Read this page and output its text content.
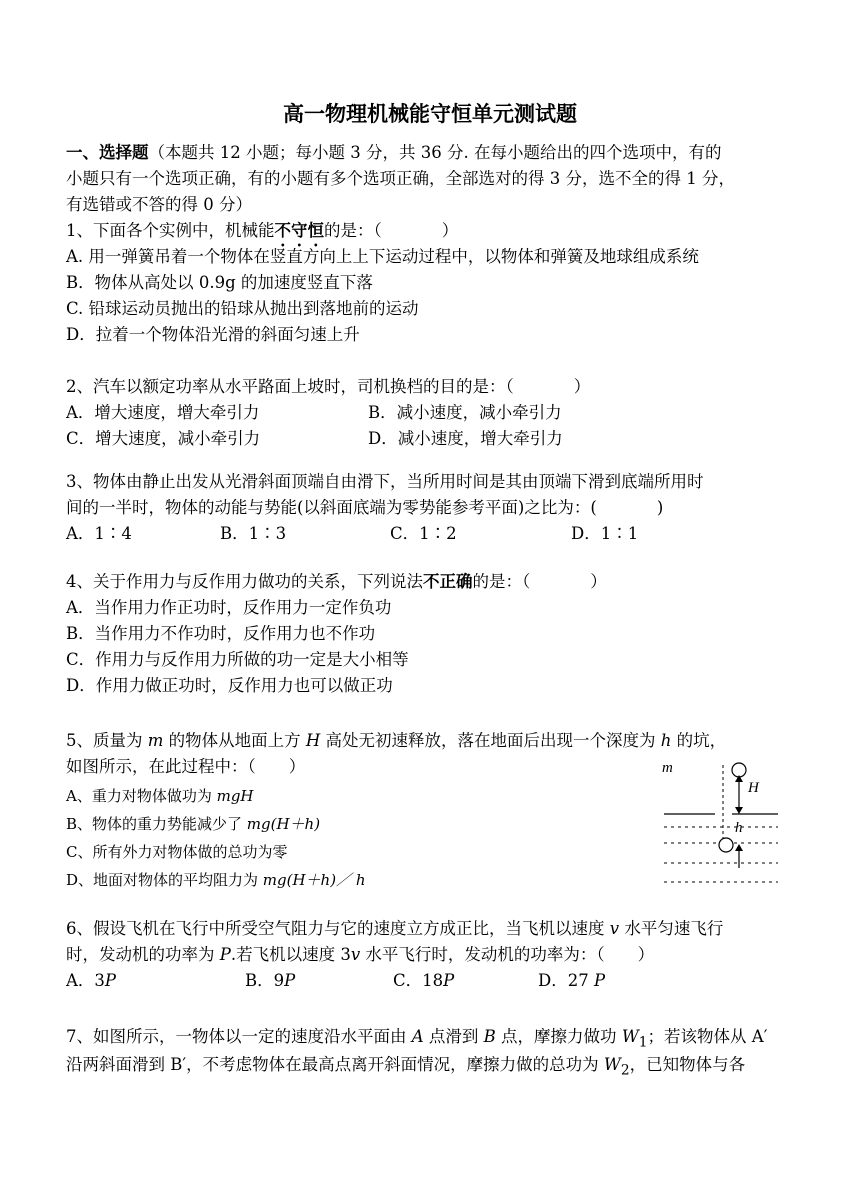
高一物理机械能守恒单元测试题
一、选择题（本题共 12 小题；每小题 3 分，共 36 分. 在每小题给出的四个选项中，有的
小题只有一个选项正确，有的小题有多个选项正确，全部选对的得 3 分，选不全的得 1 分，
有选错或不答的得 0 分）
1、下面各个实例中，机械能不守恒的是：（	）
A. 用一弹簧吊着一个物体在竖直方向上上下运动过程中，以物体和弹簧及地球组成系统
B．物体从高处以 0.9g 的加速度竖直下落
C. 铅球运动员抛出的铅球从抛出到落地前的运动
D．拉着一个物体沿光滑的斜面匀速上升
2、汽车以额定功率从水平路面上坡时，司机换档的目的是：（	）
A．增大速度，增大牵引力	B．减小速度，减小牵引力
C．增大速度，减小牵引力	D．减小速度，增大牵引力
3、物体由静止出发从光滑斜面顶端自由滑下，当所用时间是其由顶端下滑到底端所用时
间的一半时，物体的动能与势能(以斜面底端为零势能参考平面)之比为：(	)
A．1∶4	B．1∶3	C．1∶2	D．1∶1
4、关于作用力与反作用力做功的关系，下列说法不正确的是：（	）
A．当作用力作正功时，反作用力一定作负功
B．当作用力不作功时，反作用力也不作功
C．作用力与反作用力所做的功一定是大小相等
D．作用力做正功时，反作用力也可以做正功
5、质量为 m 的物体从地面上方 H 高处无初速释放，落在地面后出现一个深度为 h 的坑，
如图所示，在此过程中：（　　）
A、重力对物体做功为 mgH
B、物体的重力势能减少了 mg(H＋h)
C、所有外力对物体做的总功为零
D、地面对物体的平均阻力为 mg(H＋h)／ h
m
H
h
6、假设飞机在飞行中所受空气阻力与它的速度立方成正比，当飞机以速度 v 水平匀速飞行
时，发动机的功率为 P.若飞机以速度 3v 水平飞行时，发动机的功率为：（　　）
A．3P	B．9P	C．18P	D．27 P
7、如图所示，一物体以一定的速度沿水平面由 A 点滑到 B 点，摩擦力做功 $W_1$；若该物体从 A′
沿两斜面滑到 B′，不考虑物体在最高点离开斜面情况，摩擦力做的总功为 $W_2$，已知物体与各
